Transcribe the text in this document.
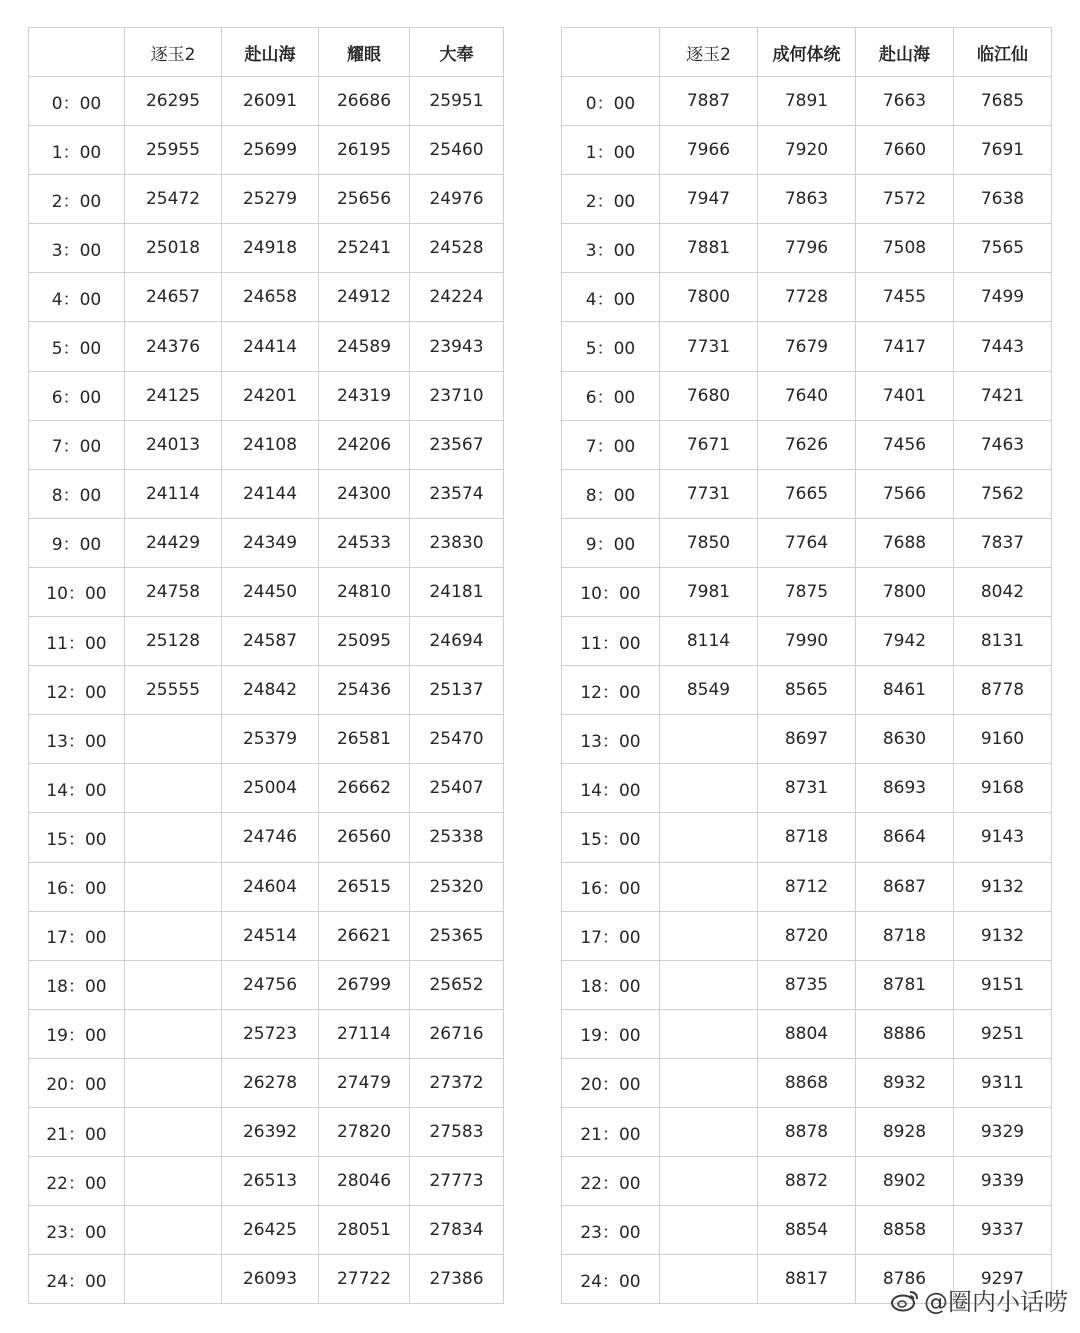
	逐玉2	赴山海	耀眼	大奉
0：00	26295	26091	26686	25951
1：00	25955	25699	26195	25460
2：00	25472	25279	25656	24976
3：00	25018	24918	25241	24528
4：00	24657	24658	24912	24224
5：00	24376	24414	24589	23943
6：00	24125	24201	24319	23710
7：00	24013	24108	24206	23567
8：00	24114	24144	24300	23574
9：00	24429	24349	24533	23830
10：00	24758	24450	24810	24181
11：00	25128	24587	25095	24694
12：00	25555	24842	25436	25137
13：00		25379	26581	25470
14：00		25004	26662	25407
15：00		24746	26560	25338
16：00		24604	26515	25320
17：00		24514	26621	25365
18：00		24756	26799	25652
19：00		25723	27114	26716
20：00		26278	27479	27372
21：00		26392	27820	27583
22：00		26513	28046	27773
23：00		26425	28051	27834
24：00		26093	27722	27386
	逐玉2	成何体统	赴山海	临江仙
0：00	7887	7891	7663	7685
1：00	7966	7920	7660	7691
2：00	7947	7863	7572	7638
3：00	7881	7796	7508	7565
4：00	7800	7728	7455	7499
5：00	7731	7679	7417	7443
6：00	7680	7640	7401	7421
7：00	7671	7626	7456	7463
8：00	7731	7665	7566	7562
9：00	7850	7764	7688	7837
10：00	7981	7875	7800	8042
11：00	8114	7990	7942	8131
12：00	8549	8565	8461	8778
13：00		8697	8630	9160
14：00		8731	8693	9168
15：00		8718	8664	9143
16：00		8712	8687	9132
17：00		8720	8718	9132
18：00		8735	8781	9151
19：00		8804	8886	9251
20：00		8868	8932	9311
21：00		8878	8928	9329
22：00		8872	8902	9339
23：00		8854	8858	9337
24：00		8817	8786	9297
@圈内小话唠
